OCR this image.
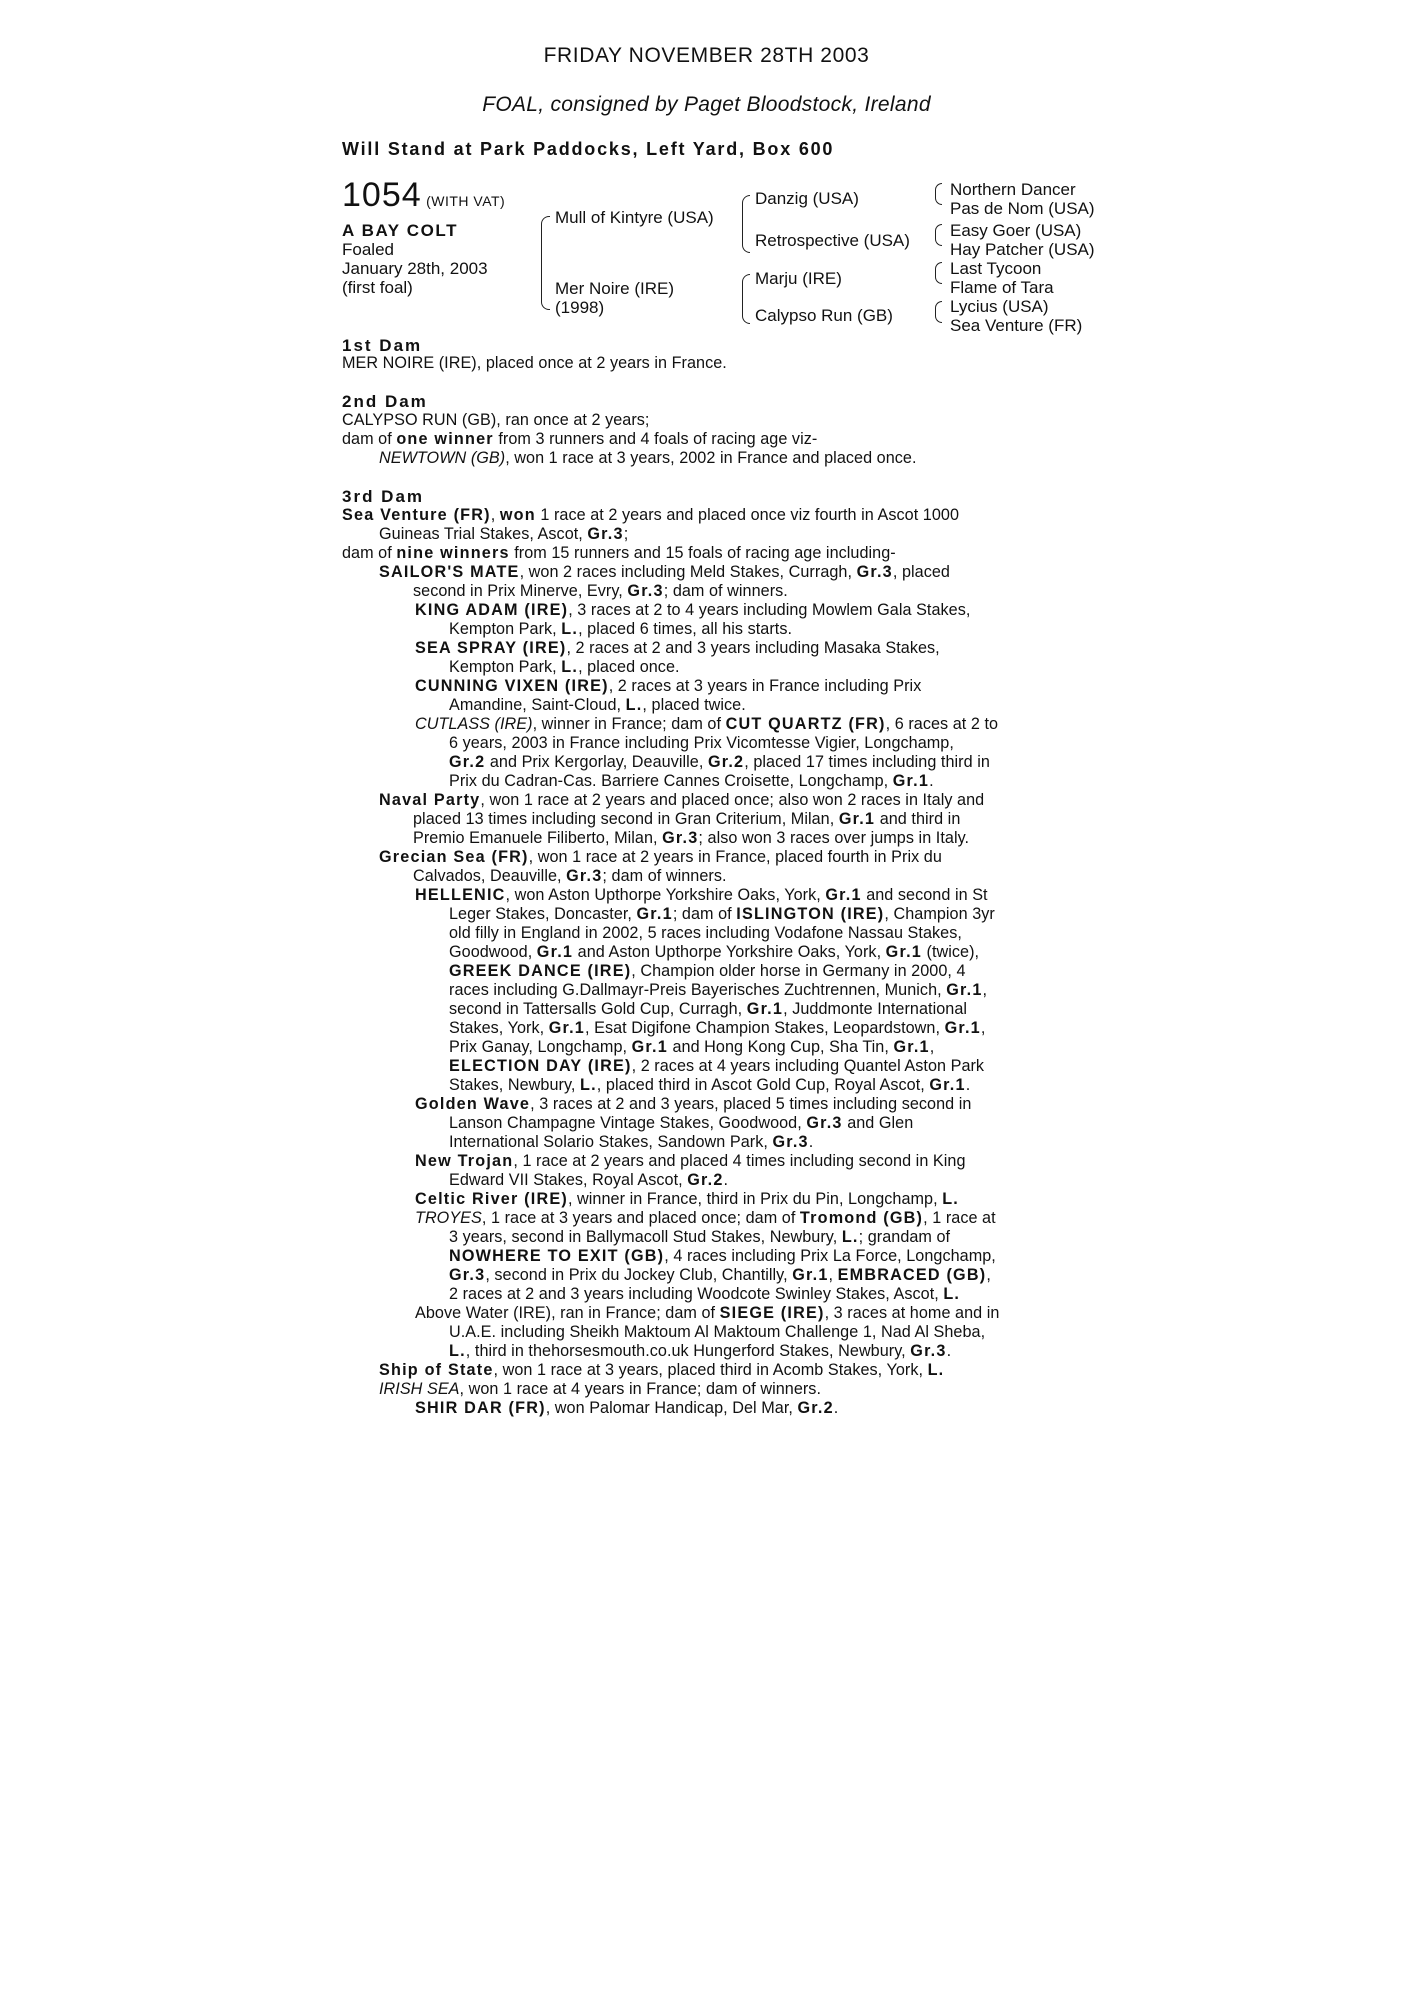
FRIDAY NOVEMBER 28TH 2003
FOAL, consigned by Paget Bloodstock, Ireland
Will Stand at Park Paddocks, Left Yard, Box 600
1054 (WITH VAT)
A BAY COLT
Foaled
January 28th, 2003
(first foal)
Mull of Kintyre (USA)
Mer Noire (IRE)
(1998)
Danzig (USA)
Retrospective (USA)
Marju (IRE)
Calypso Run (GB)
Northern Dancer
Pas de Nom (USA)
Easy Goer (USA)
Hay Patcher (USA)
Last Tycoon
Flame of Tara
Lycius (USA)
Sea Venture (FR)
1st Dam
MER NOIRE (IRE), placed once at 2 years in France.
2nd Dam
CALYPSO RUN (GB), ran once at 2 years;
dam of one winner from 3 runners and 4 foals of racing age viz-
NEWTOWN (GB), won 1 race at 3 years, 2002 in France and placed once.
3rd Dam
Sea Venture (FR), won 1 race at 2 years and placed once viz fourth in Ascot 1000
Guineas Trial Stakes, Ascot, Gr.3;
dam of nine winners from 15 runners and 15 foals of racing age including-
SAILOR'S MATE, won 2 races including Meld Stakes, Curragh, Gr.3, placed
second in Prix Minerve, Evry, Gr.3; dam of winners.
KING ADAM (IRE), 3 races at 2 to 4 years including Mowlem Gala Stakes,
Kempton Park, L., placed 6 times, all his starts.
SEA SPRAY (IRE), 2 races at 2 and 3 years including Masaka Stakes,
Kempton Park, L., placed once.
CUNNING VIXEN (IRE), 2 races at 3 years in France including Prix
Amandine, Saint-Cloud, L., placed twice.
CUTLASS (IRE), winner in France; dam of CUT QUARTZ (FR), 6 races at 2 to
6 years, 2003 in France including Prix Vicomtesse Vigier, Longchamp,
Gr.2 and Prix Kergorlay, Deauville, Gr.2, placed 17 times including third in
Prix du Cadran-Cas. Barriere Cannes Croisette, Longchamp, Gr.1.
Naval Party, won 1 race at 2 years and placed once; also won 2 races in Italy and
placed 13 times including second in Gran Criterium, Milan, Gr.1 and third in
Premio Emanuele Filiberto, Milan, Gr.3; also won 3 races over jumps in Italy.
Grecian Sea (FR), won 1 race at 2 years in France, placed fourth in Prix du
Calvados, Deauville, Gr.3; dam of winners.
HELLENIC, won Aston Upthorpe Yorkshire Oaks, York, Gr.1 and second in St
Leger Stakes, Doncaster, Gr.1; dam of ISLINGTON (IRE), Champion 3yr
old filly in England in 2002, 5 races including Vodafone Nassau Stakes,
Goodwood, Gr.1 and Aston Upthorpe Yorkshire Oaks, York, Gr.1 (twice),
GREEK DANCE (IRE), Champion older horse in Germany in 2000, 4
races including G.Dallmayr-Preis Bayerisches Zuchtrennen, Munich, Gr.1,
second in Tattersalls Gold Cup, Curragh, Gr.1, Juddmonte International
Stakes, York, Gr.1, Esat Digifone Champion Stakes, Leopardstown, Gr.1,
Prix Ganay, Longchamp, Gr.1 and Hong Kong Cup, Sha Tin, Gr.1,
ELECTION DAY (IRE), 2 races at 4 years including Quantel Aston Park
Stakes, Newbury, L., placed third in Ascot Gold Cup, Royal Ascot, Gr.1.
Golden Wave, 3 races at 2 and 3 years, placed 5 times including second in
Lanson Champagne Vintage Stakes, Goodwood, Gr.3 and Glen
International Solario Stakes, Sandown Park, Gr.3.
New Trojan, 1 race at 2 years and placed 4 times including second in King
Edward VII Stakes, Royal Ascot, Gr.2.
Celtic River (IRE), winner in France, third in Prix du Pin, Longchamp, L.
TROYES, 1 race at 3 years and placed once; dam of Tromond (GB), 1 race at
3 years, second in Ballymacoll Stud Stakes, Newbury, L.; grandam of
NOWHERE TO EXIT (GB), 4 races including Prix La Force, Longchamp,
Gr.3, second in Prix du Jockey Club, Chantilly, Gr.1, EMBRACED (GB),
2 races at 2 and 3 years including Woodcote Swinley Stakes, Ascot, L.
Above Water (IRE), ran in France; dam of SIEGE (IRE), 3 races at home and in
U.A.E. including Sheikh Maktoum Al Maktoum Challenge 1, Nad Al Sheba,
L., third in thehorsesmouth.co.uk Hungerford Stakes, Newbury, Gr.3.
Ship of State, won 1 race at 3 years, placed third in Acomb Stakes, York, L.
IRISH SEA, won 1 race at 4 years in France; dam of winners.
SHIR DAR (FR), won Palomar Handicap, Del Mar, Gr.2.
